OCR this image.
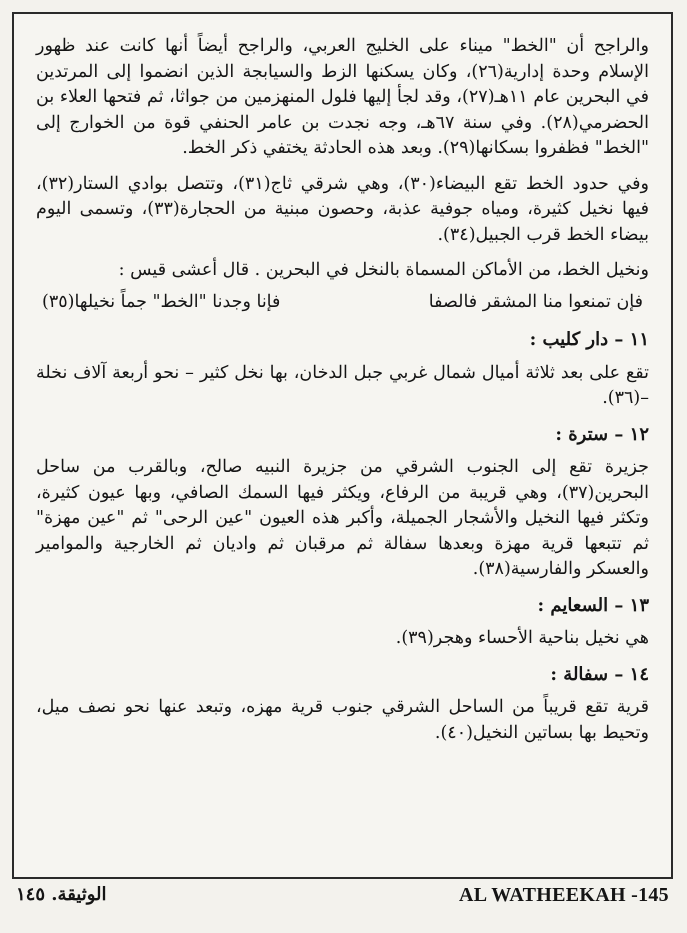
والراجح أن "الخط" ميناء على الخليج العربي، والراجح أيضاً أنها كانت عند ظهور الإسلام وحدة إدارية(٢٦)، وكان يسكنها الزط والسيابجة الذين انضموا إلى المرتدين في البحرين عام ١١هـ(٢٧)، وقد لجأ إليها فلول المنهزمين من جواثا، ثم فتحها العلاء بن الحضرمي(٢٨). وفي سنة ٦٧هـ، وجه نجدت بن عامر الحنفي قوة من الخوارج إلى "الخط" فظفروا بسكانها(٢٩). وبعد هذه الحادثة يختفي ذكر الخط.

وفي حدود الخط تقع البيضاء(٣٠)، وهي شرقي ثاج(٣١)، وتتصل بوادي الستار(٣٢)، فيها نخيل كثيرة، ومياه جوفية عذبة، وحصون مبنية من الحجارة(٣٣)، وتسمى اليوم بيضاء الخط قرب الجبيل(٣٤).

ونخيل الخط، من الأماكن المسماة بالنخل في البحرين . قال أعشى قيس :

فإن تمنعوا منا المشقر فالصفا
فإنا وجدنا "الخط" جماً نخيلها(٣٥)
١١ – دار كليب :

تقع على بعد ثلاثة أميال شمال غربي جبل الدخان، بها نخل كثير – نحو أربعة آلاف نخلة –(٣٦).

١٢ – سترة :

جزيرة تقع إلى الجنوب الشرقي من جزيرة النبيه صالح، وبالقرب من ساحل البحرين(٣٧)، وهي قريبة من الرفاع، ويكثر فيها السمك الصافي، وبها عيون كثيرة، وتكثر فيها النخيل والأشجار الجميلة، وأكبر هذه العيون "عين الرحى" ثم "عين مهزة" ثم تتبعها قرية مهزة وبعدها سفالة ثم مرقبان ثم واديان ثم الخارجية والموامير والعسكر والفارسية(٣٨).

١٣ – السعايم :

هي نخيل بناحية الأحساء وهجر(٣٩).

١٤ – سفالة :

قرية تقع قريباً من الساحل الشرقي جنوب قرية مهزه، وتبعد عنها نحو نصف ميل، وتحيط بها بساتين النخيل(٤٠).

AL WATHEEKAH -145
الوثيقة. ١٤٥
